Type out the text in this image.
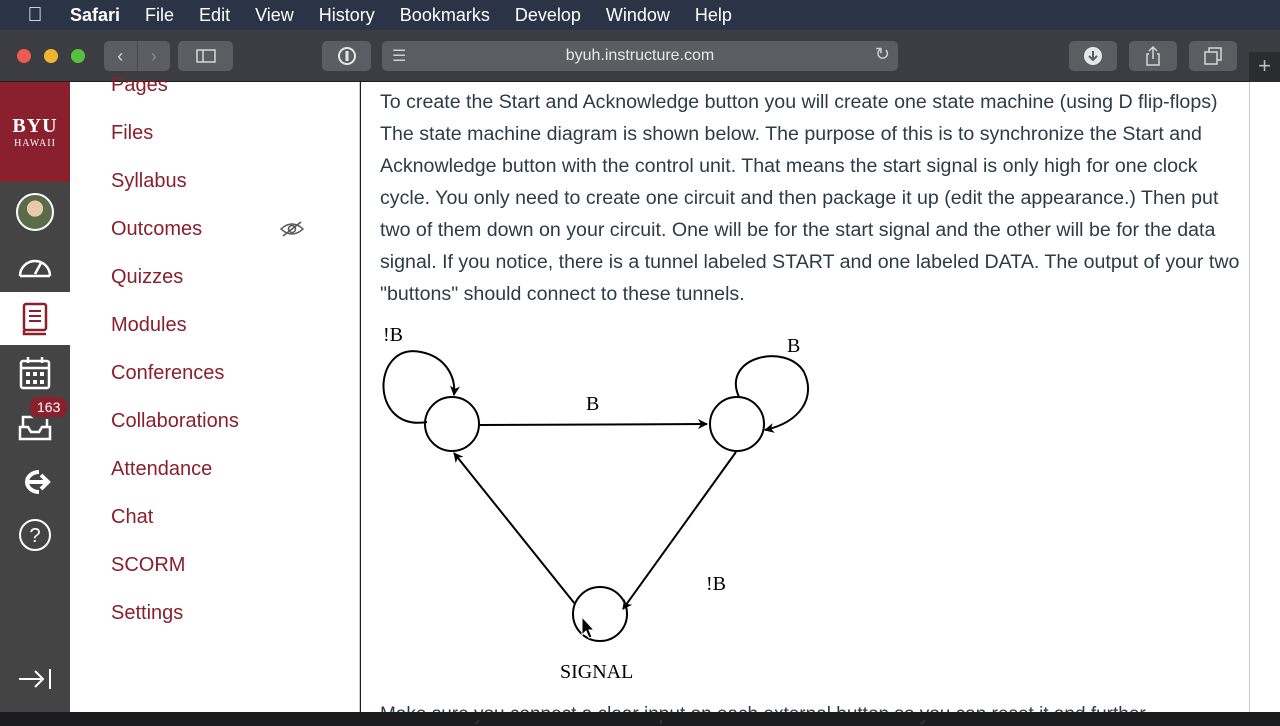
Safari File Edit View History Bookmarks Develop Window Help
‹	›	☰	byuh.instructure.com	↻	+
BYU
HAWAII
163
?
Pages
Files
Syllabus
Outcomes
Quizzes
Modules
Conferences
Collaborations
Attendance
Chat
SCORM
Settings

To create the Start and Acknowledge button you will create one state machine (using D flip-flops) The state machine diagram is shown below. The purpose of this is to synchronize the Start and Acknowledge button with the control unit. That means the start signal is only high for one clock cycle. You only need to create one circuit and then package it up (edit the appearance.) Then put two of them down on your circuit. One will be for the start signal and the other will be for the data signal. If you notice, there is a tunnel labeled START and one labeled DATA. The output of your two "buttons" should connect to these tunnels.

!B
B
B
!B
SIGNAL
